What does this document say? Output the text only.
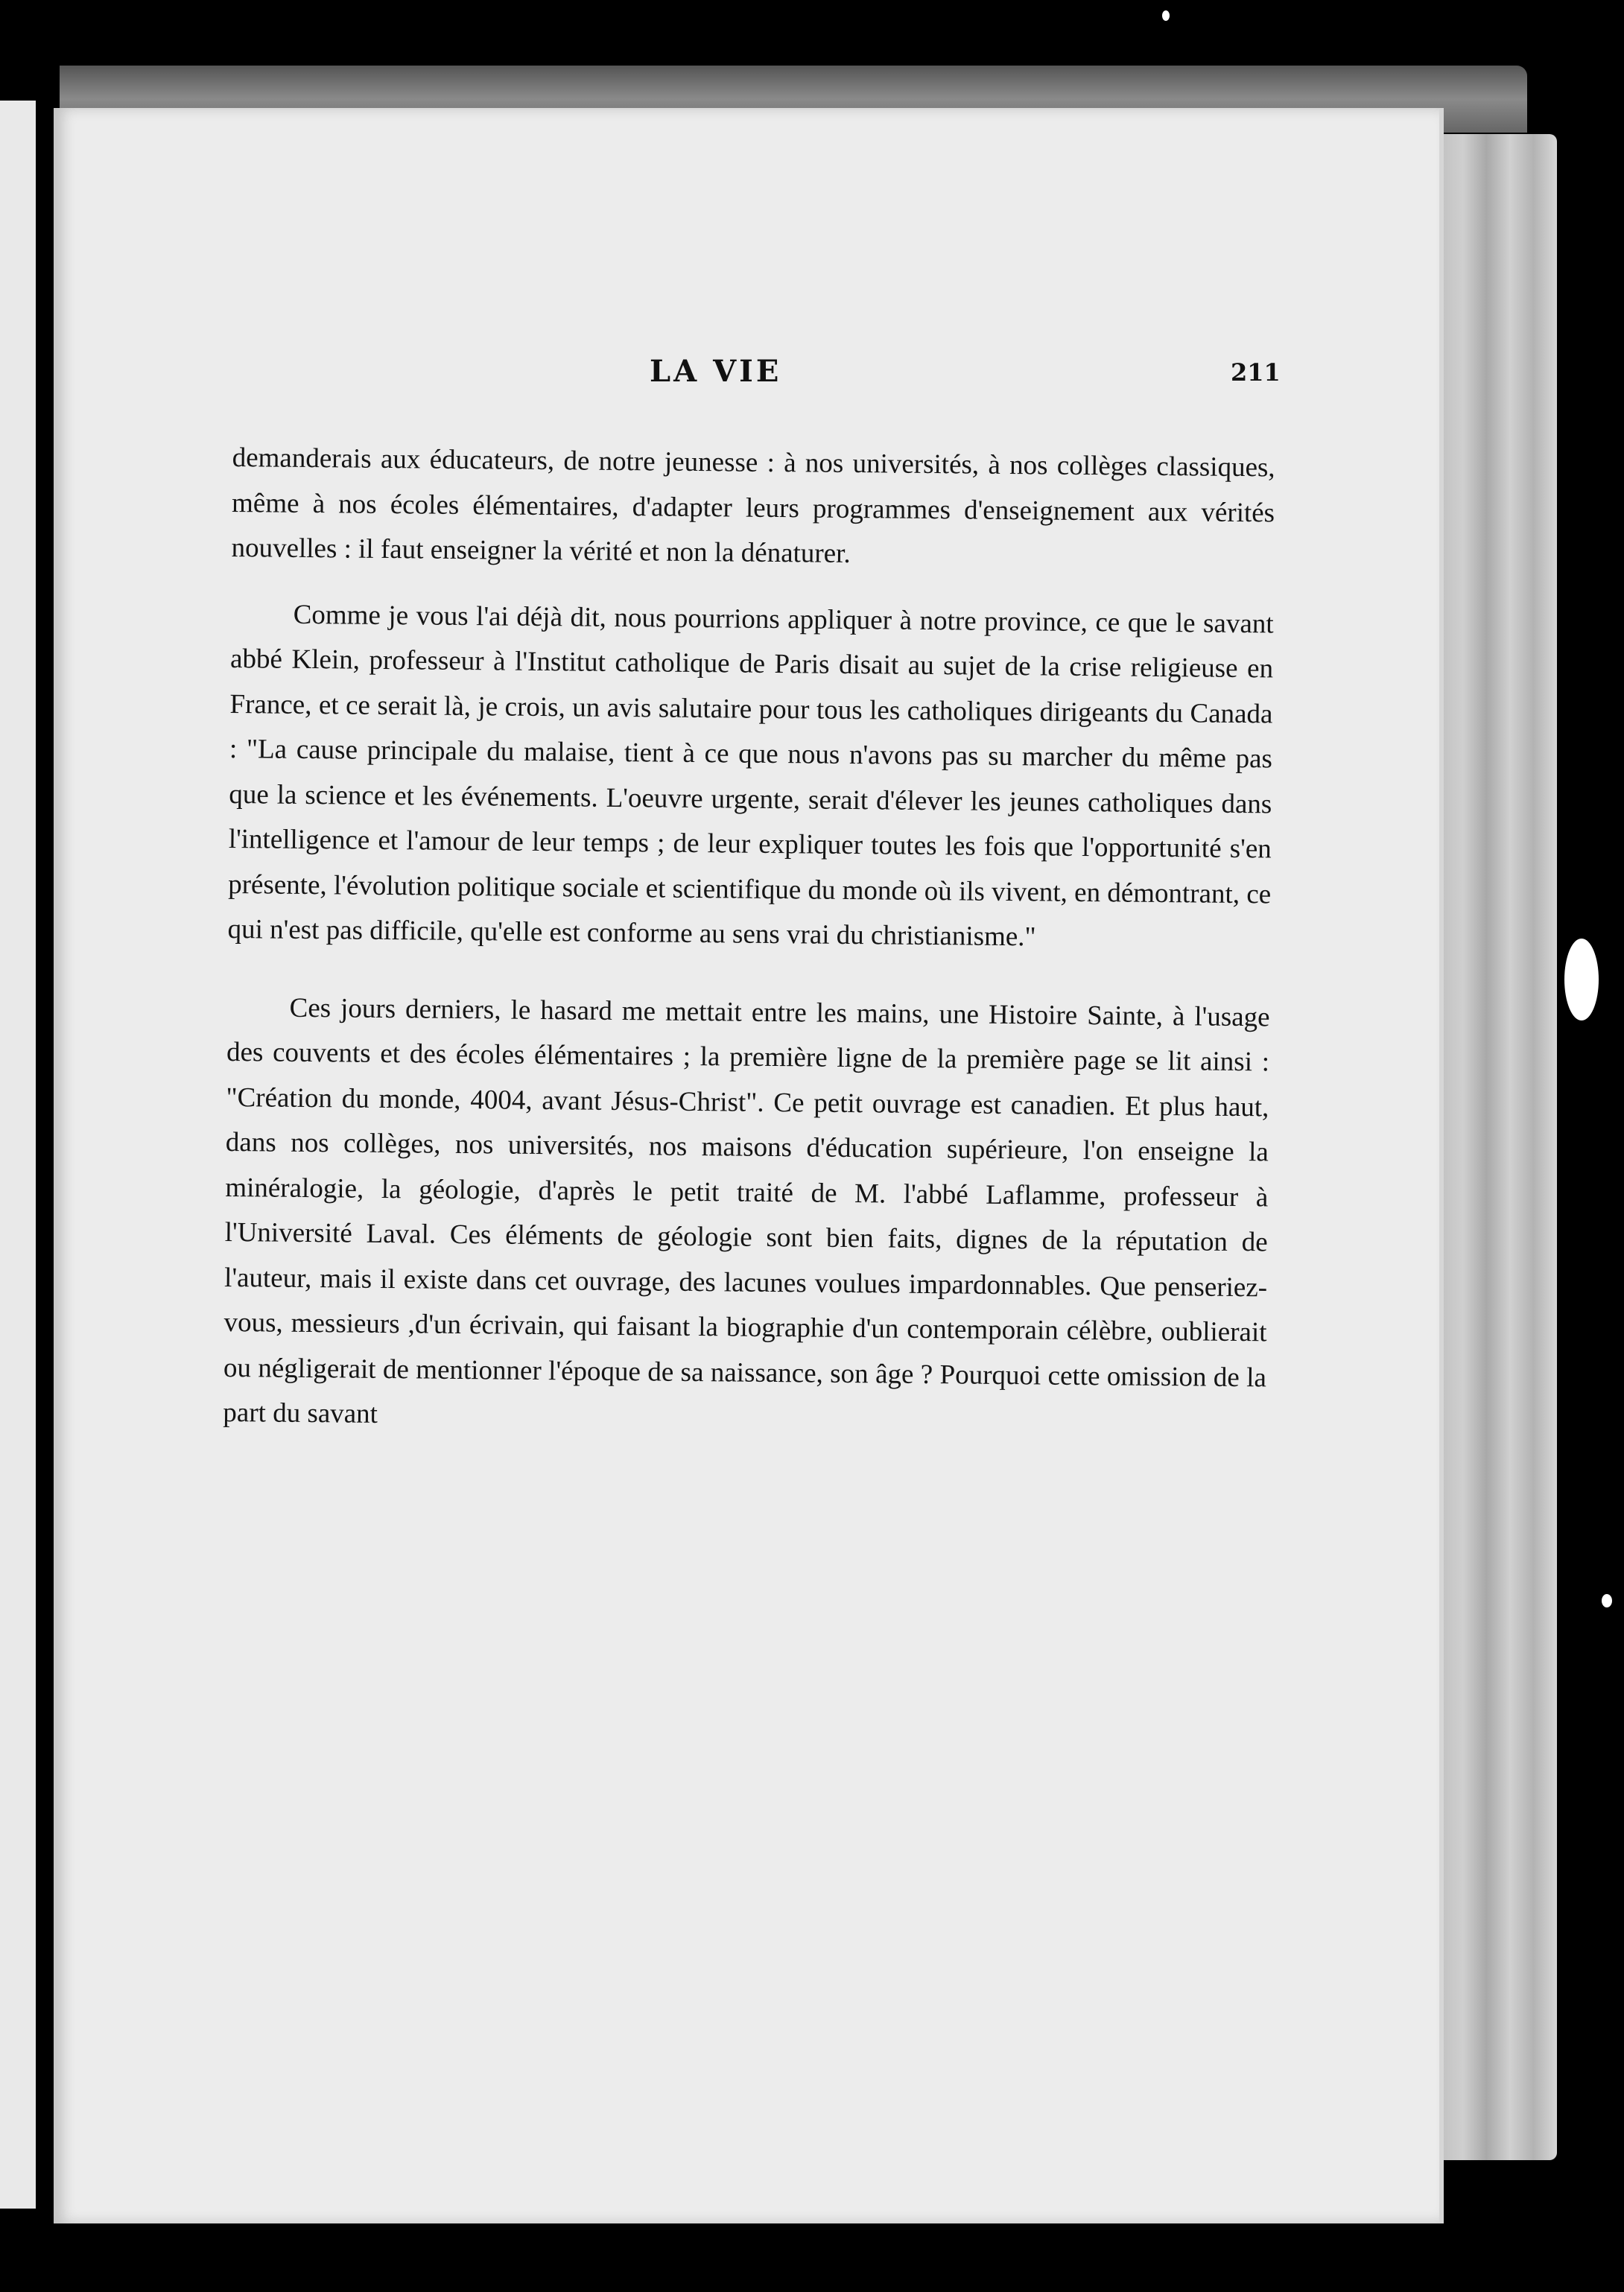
LA VIE	211

demanderais aux éducateurs, de notre jeunesse : à nos universités, à nos collèges classiques, même à nos écoles élémentaires, d'adapter leurs programmes d'enseignement aux vérités nouvelles : il faut enseigner la vérité et non la dénaturer.

Comme je vous l'ai déjà dit, nous pourrions appliquer à notre province, ce que le savant abbé Klein, professeur à l'Institut catholique de Paris disait au sujet de la crise religieuse en France, et ce serait là, je crois, un avis salutaire pour tous les catholiques dirigeants du Canada : "La cause principale du malaise, tient à ce que nous n'avons pas su marcher du même pas que la science et les événements. L'oeuvre urgente, serait d'élever les jeunes catholiques dans l'intelligence et l'amour de leur temps ; de leur expliquer toutes les fois que l'opportunité s'en présente, l'évolution politique sociale et scientifique du monde où ils vivent, en démontrant, ce qui n'est pas difficile, qu'elle est conforme au sens vrai du christianisme."

Ces jours derniers, le hasard me mettait entre les mains, une Histoire Sainte, à l'usage des couvents et des écoles élémentaires ; la première ligne de la première page se lit ainsi : "Création du monde, 4004, avant Jésus-Christ". Ce petit ouvrage est canadien. Et plus haut, dans nos collèges, nos universités, nos maisons d'éducation supérieure, l'on enseigne la minéralogie, la géologie, d'après le petit traité de M. l'abbé Laflamme, professeur à l'Université Laval. Ces éléments de géologie sont bien faits, dignes de la réputation de l'auteur, mais il existe dans cet ouvrage, des lacunes voulues impardonnables. Que penseriez-vous, messieurs ,d'un écrivain, qui faisant la biographie d'un contemporain célèbre, oublierait ou négligerait de mentionner l'époque de sa naissance, son âge ? Pourquoi cette omission de la part du savant
